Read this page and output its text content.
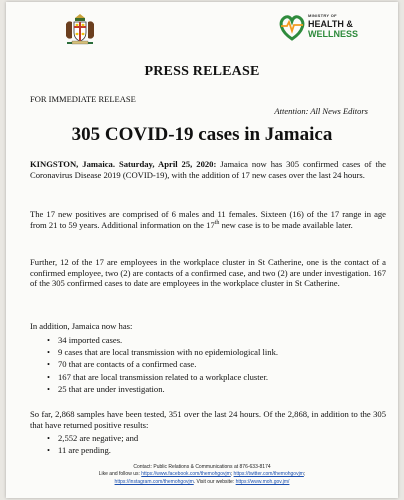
MINISTRY OF
HEALTH &
WELLNESS
PRESS RELEASE
FOR IMMEDIATE RELEASE
Attention: All News Editors
305 COVID-19 cases in Jamaica
KINGSTON, Jamaica. Saturday, April 25, 2020: Jamaica now has 305 confirmed cases of the Coronavirus Disease 2019 (COVID-19), with the addition of 17 new cases over the last 24 hours.
The 17 new positives are comprised of 6 males and 11 females. Sixteen (16) of the 17 range in age from 21 to 59 years. Additional information on the 17th new case is to be made available later.
Further, 12 of the 17 are employees in the workplace cluster in St Catherine, one is the contact of a confirmed employee, two (2) are contacts of a confirmed case, and two (2) are under investigation. 167 of the 305 confirmed cases to date are employees in the workplace cluster in St Catherine.
In addition, Jamaica now has:
• 34 imported cases.
• 9 cases that are local transmission with no epidemiological link.
• 70 that are contacts of a confirmed case.
• 167 that are local transmission related to a workplace cluster.
• 25 that are under investigation.
So far, 2,868 samples have been tested, 351 over the last 24 hours. Of the 2,868, in addition to the 305 that have returned positive results:
• 2,552 are negative; and
• 11 are pending.
Contact: Public Relations & Communications at 876-633-8174
Like and follow us: https://www.facebook.com/themohgovjm; https://twitter.com/themohgovjm;
https://instagram.com/themohgovjm. Visit our website: https://www.moh.gov.jm/
